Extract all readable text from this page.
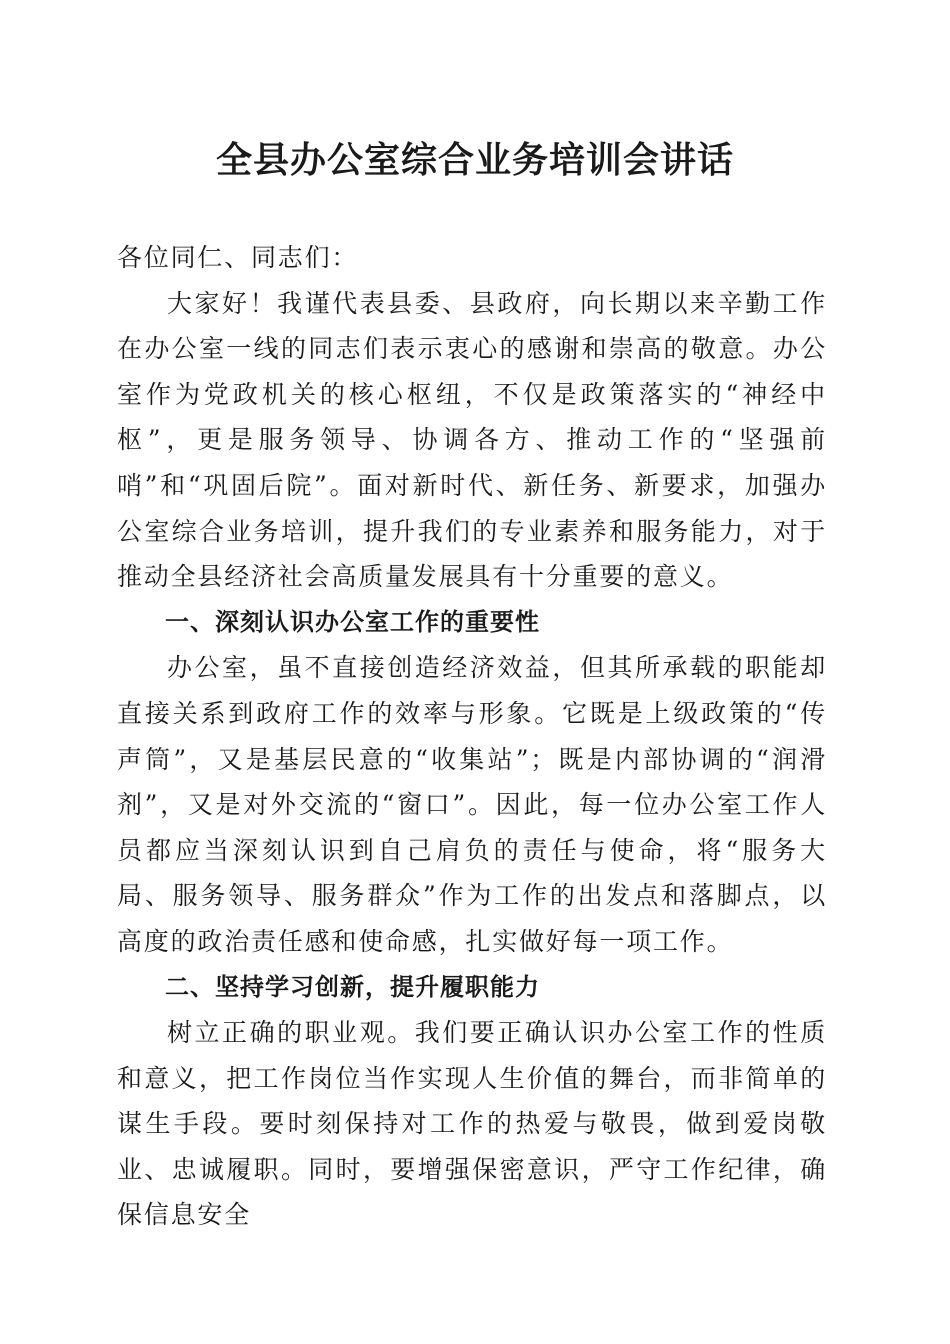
全县办公室综合业务培训会讲话

各位同仁、同志们：

大家好！我谨代表县委、县政府，向长期以来辛勤工作在办公室一线的同志们表示衷心的感谢和崇高的敬意。办公室作为党政机关的核心枢纽，不仅是政策落实的“神经中枢”，更是服务领导、协调各方、推动工作的“坚强前哨”和“巩固后院”。面对新时代、新任务、新要求，加强办公室综合业务培训，提升我们的专业素养和服务能力，对于推动全县经济社会高质量发展具有十分重要的意义。

一、深刻认识办公室工作的重要性

办公室，虽不直接创造经济效益，但其所承载的职能却直接关系到政府工作的效率与形象。它既是上级政策的“传声筒”，又是基层民意的“收集站”；既是内部协调的“润滑剂”，又是对外交流的“窗口”。因此，每一位办公室工作人员都应当深刻认识到自己肩负的责任与使命，将“服务大局、服务领导、服务群众”作为工作的出发点和落脚点，以高度的政治责任感和使命感，扎实做好每一项工作。

二、坚持学习创新，提升履职能力

树立正确的职业观。我们要正确认识办公室工作的性质和意义，把工作岗位当作实现人生价值的舞台，而非简单的谋生手段。要时刻保持对工作的热爱与敬畏，做到爱岗敬业、忠诚履职。同时，要增强保密意识，严守工作纪律，确保信息安全
